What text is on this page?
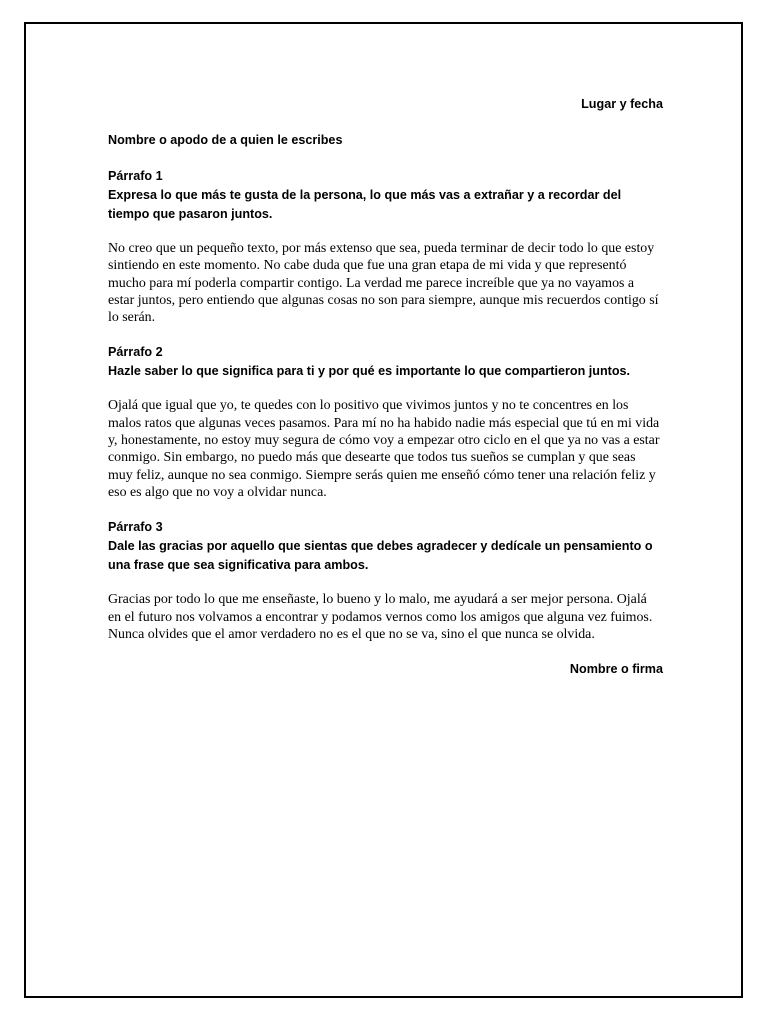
Lugar y fecha

Nombre o apodo de a quien le escribes

Párrafo 1

Expresa lo que más te gusta de la persona, lo que más vas a extrañar y a recordar del tiempo que pasaron juntos.

No creo que un pequeño texto, por más extenso que sea, pueda terminar de decir todo lo que estoy sintiendo en este momento. No cabe duda que fue una gran etapa de mi vida y que representó mucho para mí poderla compartir contigo. La verdad me parece increíble que ya no vayamos a estar juntos, pero entiendo que algunas cosas no son para siempre, aunque mis recuerdos contigo sí lo serán.

Párrafo 2

Hazle saber lo que significa para ti y por qué es importante lo que compartieron juntos.

Ojalá que igual que yo, te quedes con lo positivo que vivimos juntos y no te concentres en los malos ratos que algunas veces pasamos. Para mí no ha habido nadie más especial que tú en mi vida y, honestamente, no estoy muy segura de cómo voy a empezar otro ciclo en el que ya no vas a estar conmigo. Sin embargo, no puedo más que desearte que todos tus sueños se cumplan y que seas muy feliz, aunque no sea conmigo. Siempre serás quien me enseñó cómo tener una relación feliz y eso es algo que no voy a olvidar nunca.

Párrafo 3

Dale las gracias por aquello que sientas que debes agradecer y dedícale un pensamiento o una frase que sea significativa para ambos.

Gracias por todo lo que me enseñaste, lo bueno y lo malo, me ayudará a ser mejor persona. Ojalá en el futuro nos volvamos a encontrar y podamos vernos como los amigos que alguna vez fuimos. Nunca olvides que el amor verdadero no es el que no se va, sino el que nunca se olvida.

Nombre o firma
